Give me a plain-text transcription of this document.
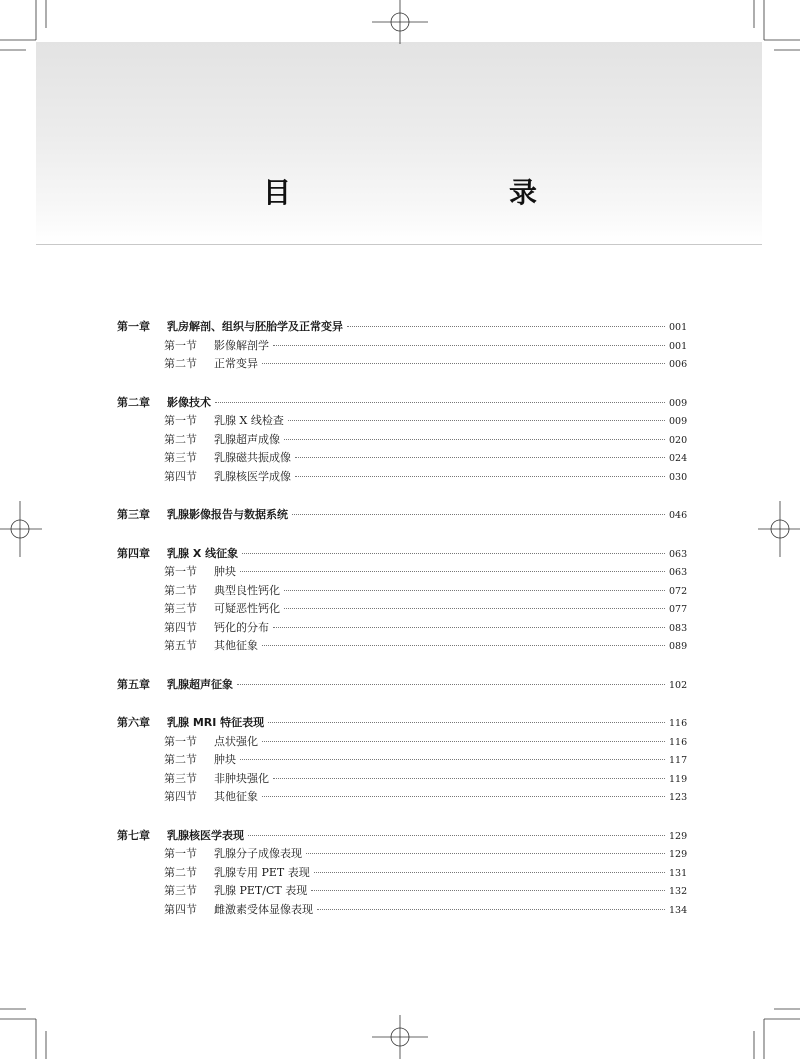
目　　录
第一章	乳房解剖、组织与胚胎学及正常变异	001
第一节	影像解剖学	001
第二节	正常变异	006
第二章	影像技术	009
第一节	乳腺 X 线检查	009
第二节	乳腺超声成像	020
第三节	乳腺磁共振成像	024
第四节	乳腺核医学成像	030
第三章	乳腺影像报告与数据系统	046
第四章	乳腺 X 线征象	063
第一节	肿块	063
第二节	典型良性钙化	072
第三节	可疑恶性钙化	077
第四节	钙化的分布	083
第五节	其他征象	089
第五章	乳腺超声征象	102
第六章	乳腺 MRI 特征表现	116
第一节	点状强化	116
第二节	肿块	117
第三节	非肿块强化	119
第四节	其他征象	123
第七章	乳腺核医学表现	129
第一节	乳腺分子成像表现	129
第二节	乳腺专用 PET 表现	131
第三节	乳腺 PET/CT 表现	132
第四节	雌激素受体显像表现	134
